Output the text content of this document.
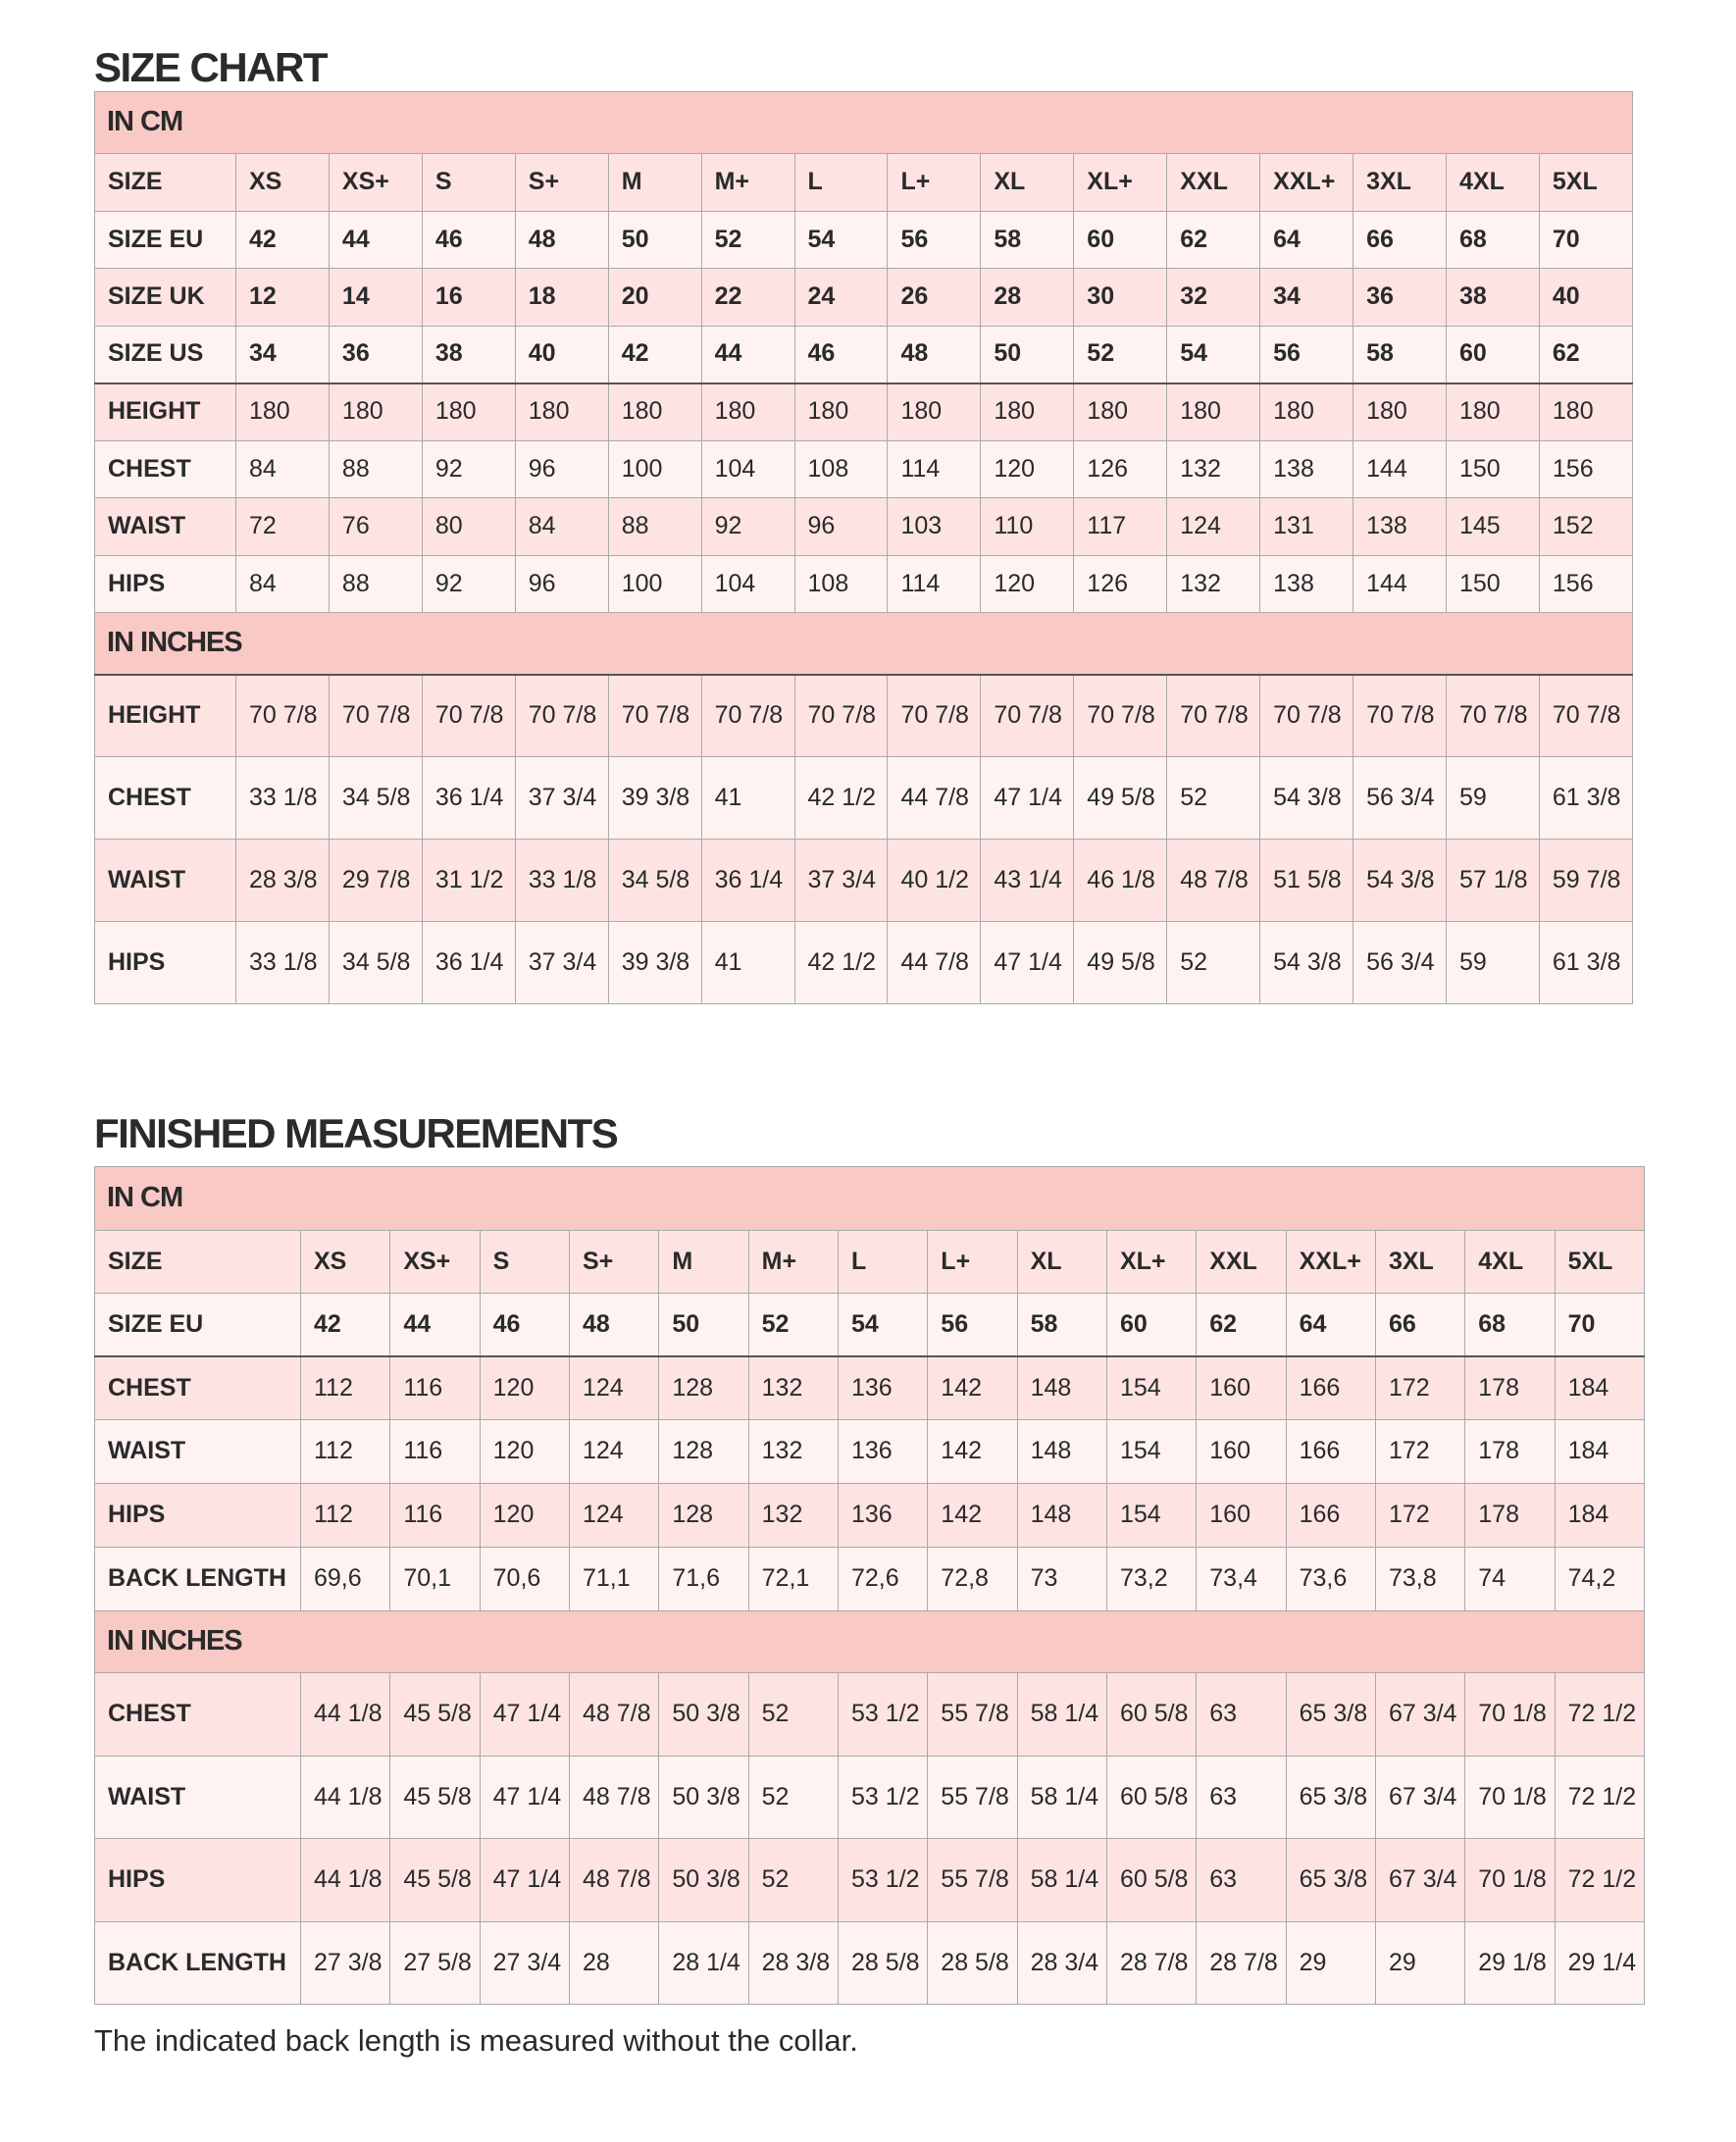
SIZE CHART
IN CM															
SIZE	XS	XS+	S	S+	M	M+	L	L+	XL	XL+	XXL	XXL+	3XL	4XL	5XL
SIZE EU	42	44	46	48	50	52	54	56	58	60	62	64	66	68	70
SIZE UK	12	14	16	18	20	22	24	26	28	30	32	34	36	38	40
SIZE US	34	36	38	40	42	44	46	48	50	52	54	56	58	60	62
HEIGHT	180	180	180	180	180	180	180	180	180	180	180	180	180	180	180
CHEST	84	88	92	96	100	104	108	114	120	126	132	138	144	150	156
WAIST	72	76	80	84	88	92	96	103	110	117	124	131	138	145	152
HIPS	84	88	92	96	100	104	108	114	120	126	132	138	144	150	156
IN INCHES															
HEIGHT	70 7/8	70 7/8	70 7/8	70 7/8	70 7/8	70 7/8	70 7/8	70 7/8	70 7/8	70 7/8	70 7/8	70 7/8	70 7/8	70 7/8	70 7/8
CHEST	33 1/8	34 5/8	36 1/4	37 3/4	39 3/8	41	42 1/2	44 7/8	47 1/4	49 5/8	52	54 3/8	56 3/4	59	61 3/8
WAIST	28 3/8	29 7/8	31 1/2	33 1/8	34 5/8	36 1/4	37 3/4	40 1/2	43 1/4	46 1/8	48 7/8	51 5/8	54 3/8	57 1/8	59 7/8
HIPS	33 1/8	34 5/8	36 1/4	37 3/4	39 3/8	41	42 1/2	44 7/8	47 1/4	49 5/8	52	54 3/8	56 3/4	59	61 3/8
FINISHED MEASUREMENTS
IN CM															
SIZE	XS	XS+	S	S+	M	M+	L	L+	XL	XL+	XXL	XXL+	3XL	4XL	5XL
SIZE EU	42	44	46	48	50	52	54	56	58	60	62	64	66	68	70
CHEST	112	116	120	124	128	132	136	142	148	154	160	166	172	178	184
WAIST	112	116	120	124	128	132	136	142	148	154	160	166	172	178	184
HIPS	112	116	120	124	128	132	136	142	148	154	160	166	172	178	184
BACK LENGTH	69,6	70,1	70,6	71,1	71,6	72,1	72,6	72,8	73	73,2	73,4	73,6	73,8	74	74,2
IN INCHES															
CHEST	44 1/8	45 5/8	47 1/4	48 7/8	50 3/8	52	53 1/2	55 7/8	58 1/4	60 5/8	63	65 3/8	67 3/4	70 1/8	72 1/2
WAIST	44 1/8	45 5/8	47 1/4	48 7/8	50 3/8	52	53 1/2	55 7/8	58 1/4	60 5/8	63	65 3/8	67 3/4	70 1/8	72 1/2
HIPS	44 1/8	45 5/8	47 1/4	48 7/8	50 3/8	52	53 1/2	55 7/8	58 1/4	60 5/8	63	65 3/8	67 3/4	70 1/8	72 1/2
BACK LENGTH	27 3/8	27 5/8	27 3/4	28	28 1/4	28 3/8	28 5/8	28 5/8	28 3/4	28 7/8	28 7/8	29	29	29 1/8	29 1/4

The indicated back length is measured without the collar.
